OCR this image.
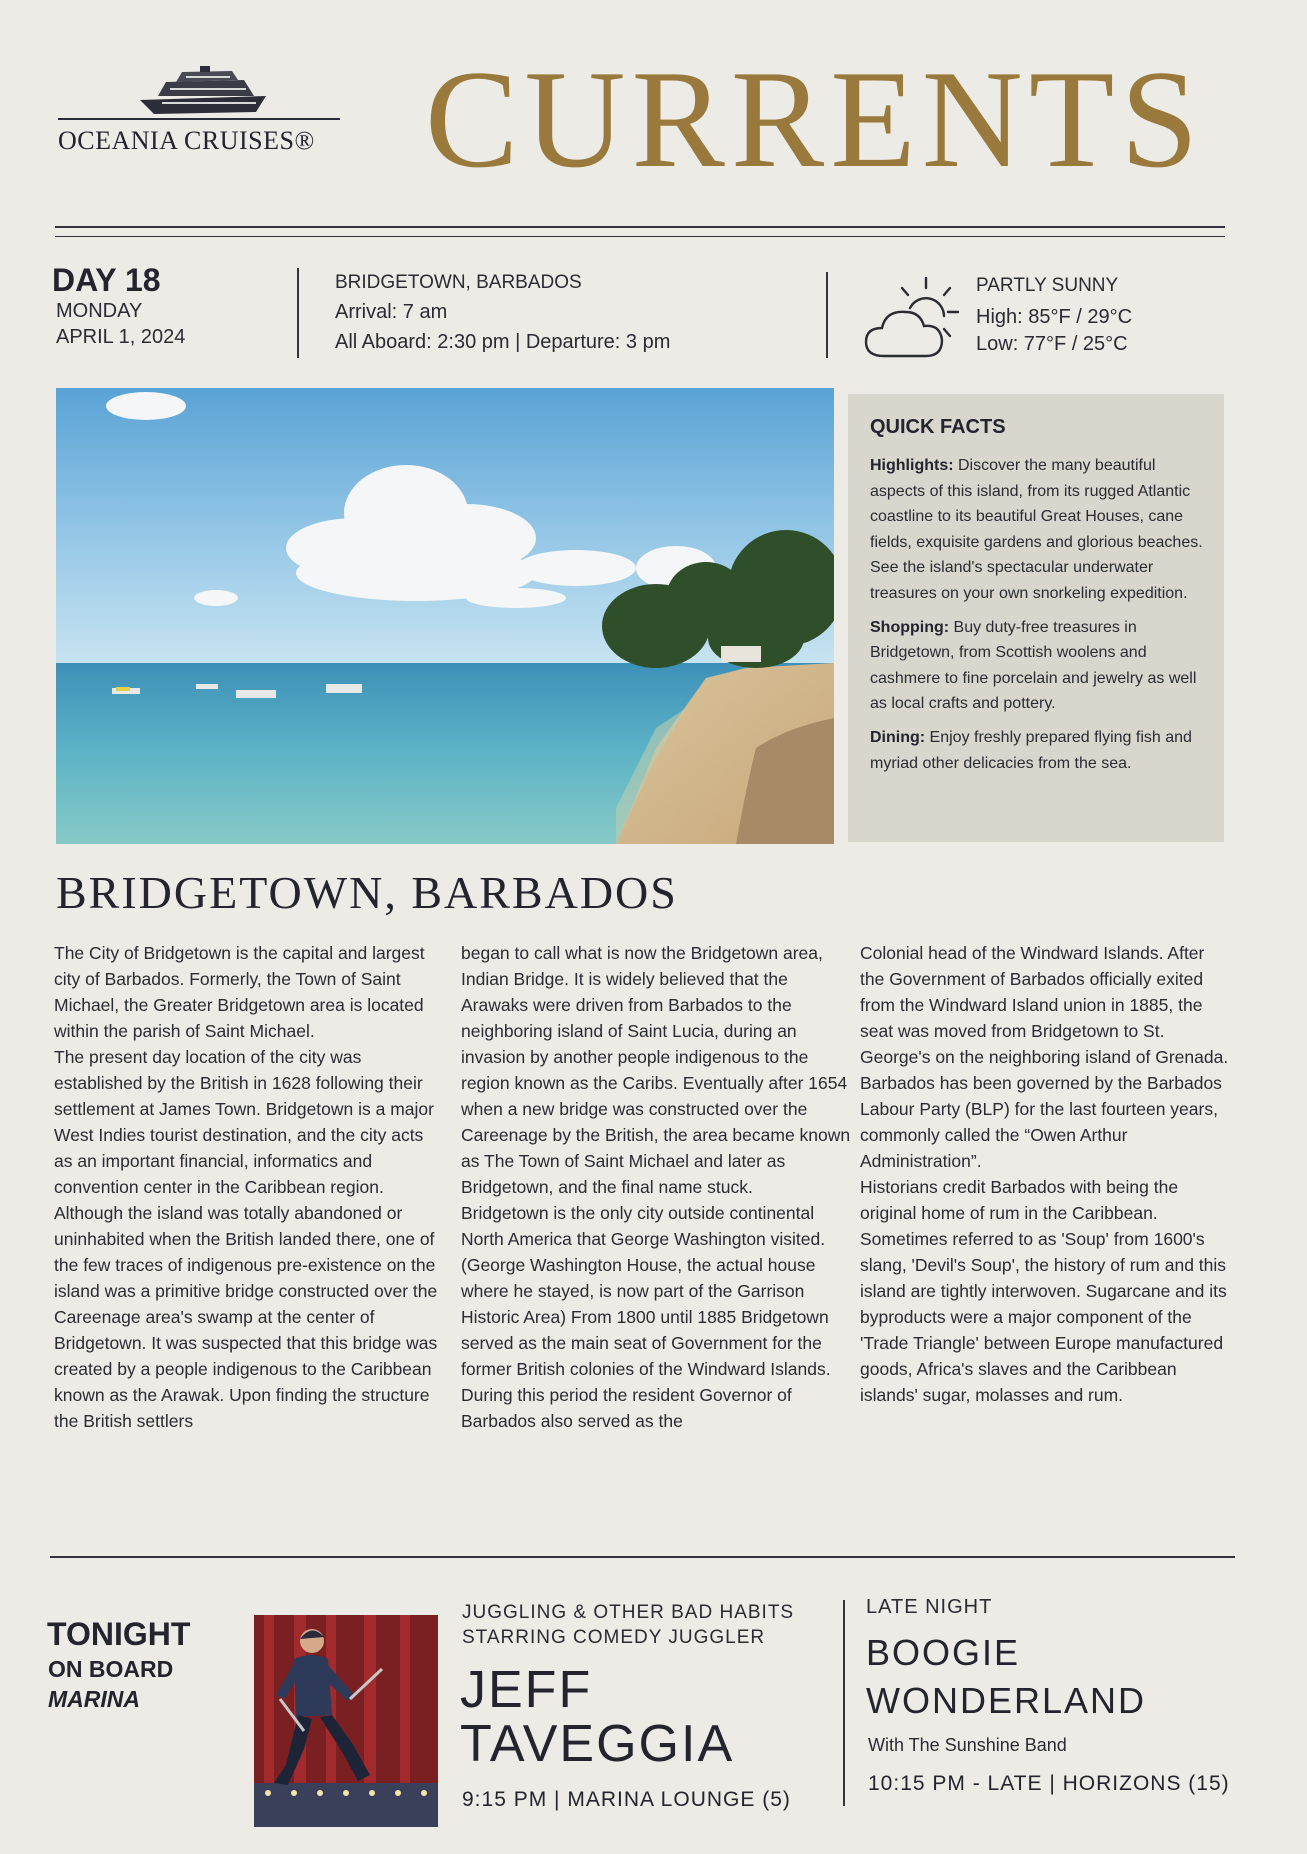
OCEANIA CRUISES® CURRENTS
DAY 18
MONDAY
APRIL 1, 2024
BRIDGETOWN, BARBADOS
Arrival: 7 am
All Aboard: 2:30 pm | Departure: 3 pm
PARTLY SUNNY
High: 85°F / 29°C
Low: 77°F / 25°C
QUICK FACTS

Highlights: Discover the many beautiful aspects of this island, from its rugged Atlantic coastline to its beautiful Great Houses, cane fields, exquisite gardens and glorious beaches. See the island's spectacular underwater treasures on your own snorkeling expedition.

Shopping: Buy duty-free treasures in Bridgetown, from Scottish woolens and cashmere to fine porcelain and jewelry as well as local crafts and pottery.

Dining: Enjoy freshly prepared flying fish and myriad other delicacies from the sea.

BRIDGETOWN, BARBADOS

The City of Bridgetown is the capital and largest city of Barbados. Formerly, the Town of Saint Michael, the Greater Bridgetown area is located within the parish of Saint Michael.

The present day location of the city was established by the British in 1628 following their settlement at James Town. Bridgetown is a major West Indies tourist destination, and the city acts as an important financial, informatics and convention center in the Caribbean region.

Although the island was totally abandoned or uninhabited when the British landed there, one of the few traces of indigenous pre-existence on the island was a primitive bridge constructed over the Careenage area's swamp at the center of Bridgetown. It was suspected that this bridge was created by a people indigenous to the Caribbean known as the Arawak. Upon finding the structure the British settlers

began to call what is now the Bridgetown area, Indian Bridge. It is widely believed that the Arawaks were driven from Barbados to the neighboring island of Saint Lucia, during an invasion by another people indigenous to the region known as the Caribs. Eventually after 1654 when a new bridge was constructed over the Careenage by the British, the area became known as The Town of Saint Michael and later as Bridgetown, and the final name stuck.

Bridgetown is the only city outside continental North America that George Washington visited. (George Washington House, the actual house where he stayed, is now part of the Garrison Historic Area) From 1800 until 1885 Bridgetown served as the main seat of Government for the former British colonies of the Windward Islands. During this period the resident Governor of Barbados also served as the

Colonial head of the Windward Islands. After the Government of Barbados officially exited from the Windward Island union in 1885, the seat was moved from Bridgetown to St. George's on the neighboring island of Grenada.

Barbados has been governed by the Barbados Labour Party (BLP) for the last fourteen years, commonly called the “Owen Arthur Administration”.

Historians credit Barbados with being the original home of rum in the Caribbean. Sometimes referred to as 'Soup' from 1600's slang, 'Devil's Soup', the history of rum and this island are tightly interwoven. Sugarcane and its byproducts were a major component of the 'Trade Triangle' between Europe manufactured goods, Africa's slaves and the Caribbean islands' sugar, molasses and rum.

TONIGHT
ON BOARD
MARINA
JUGGLING & OTHER BAD HABITS
STARRING COMEDY JUGGLER
JEFF
TAVEGGIA
9:15 PM | MARINA LOUNGE (5)
LATE NIGHT
BOOGIE
WONDERLAND
With The Sunshine Band
10:15 PM - LATE | HORIZONS (15)
